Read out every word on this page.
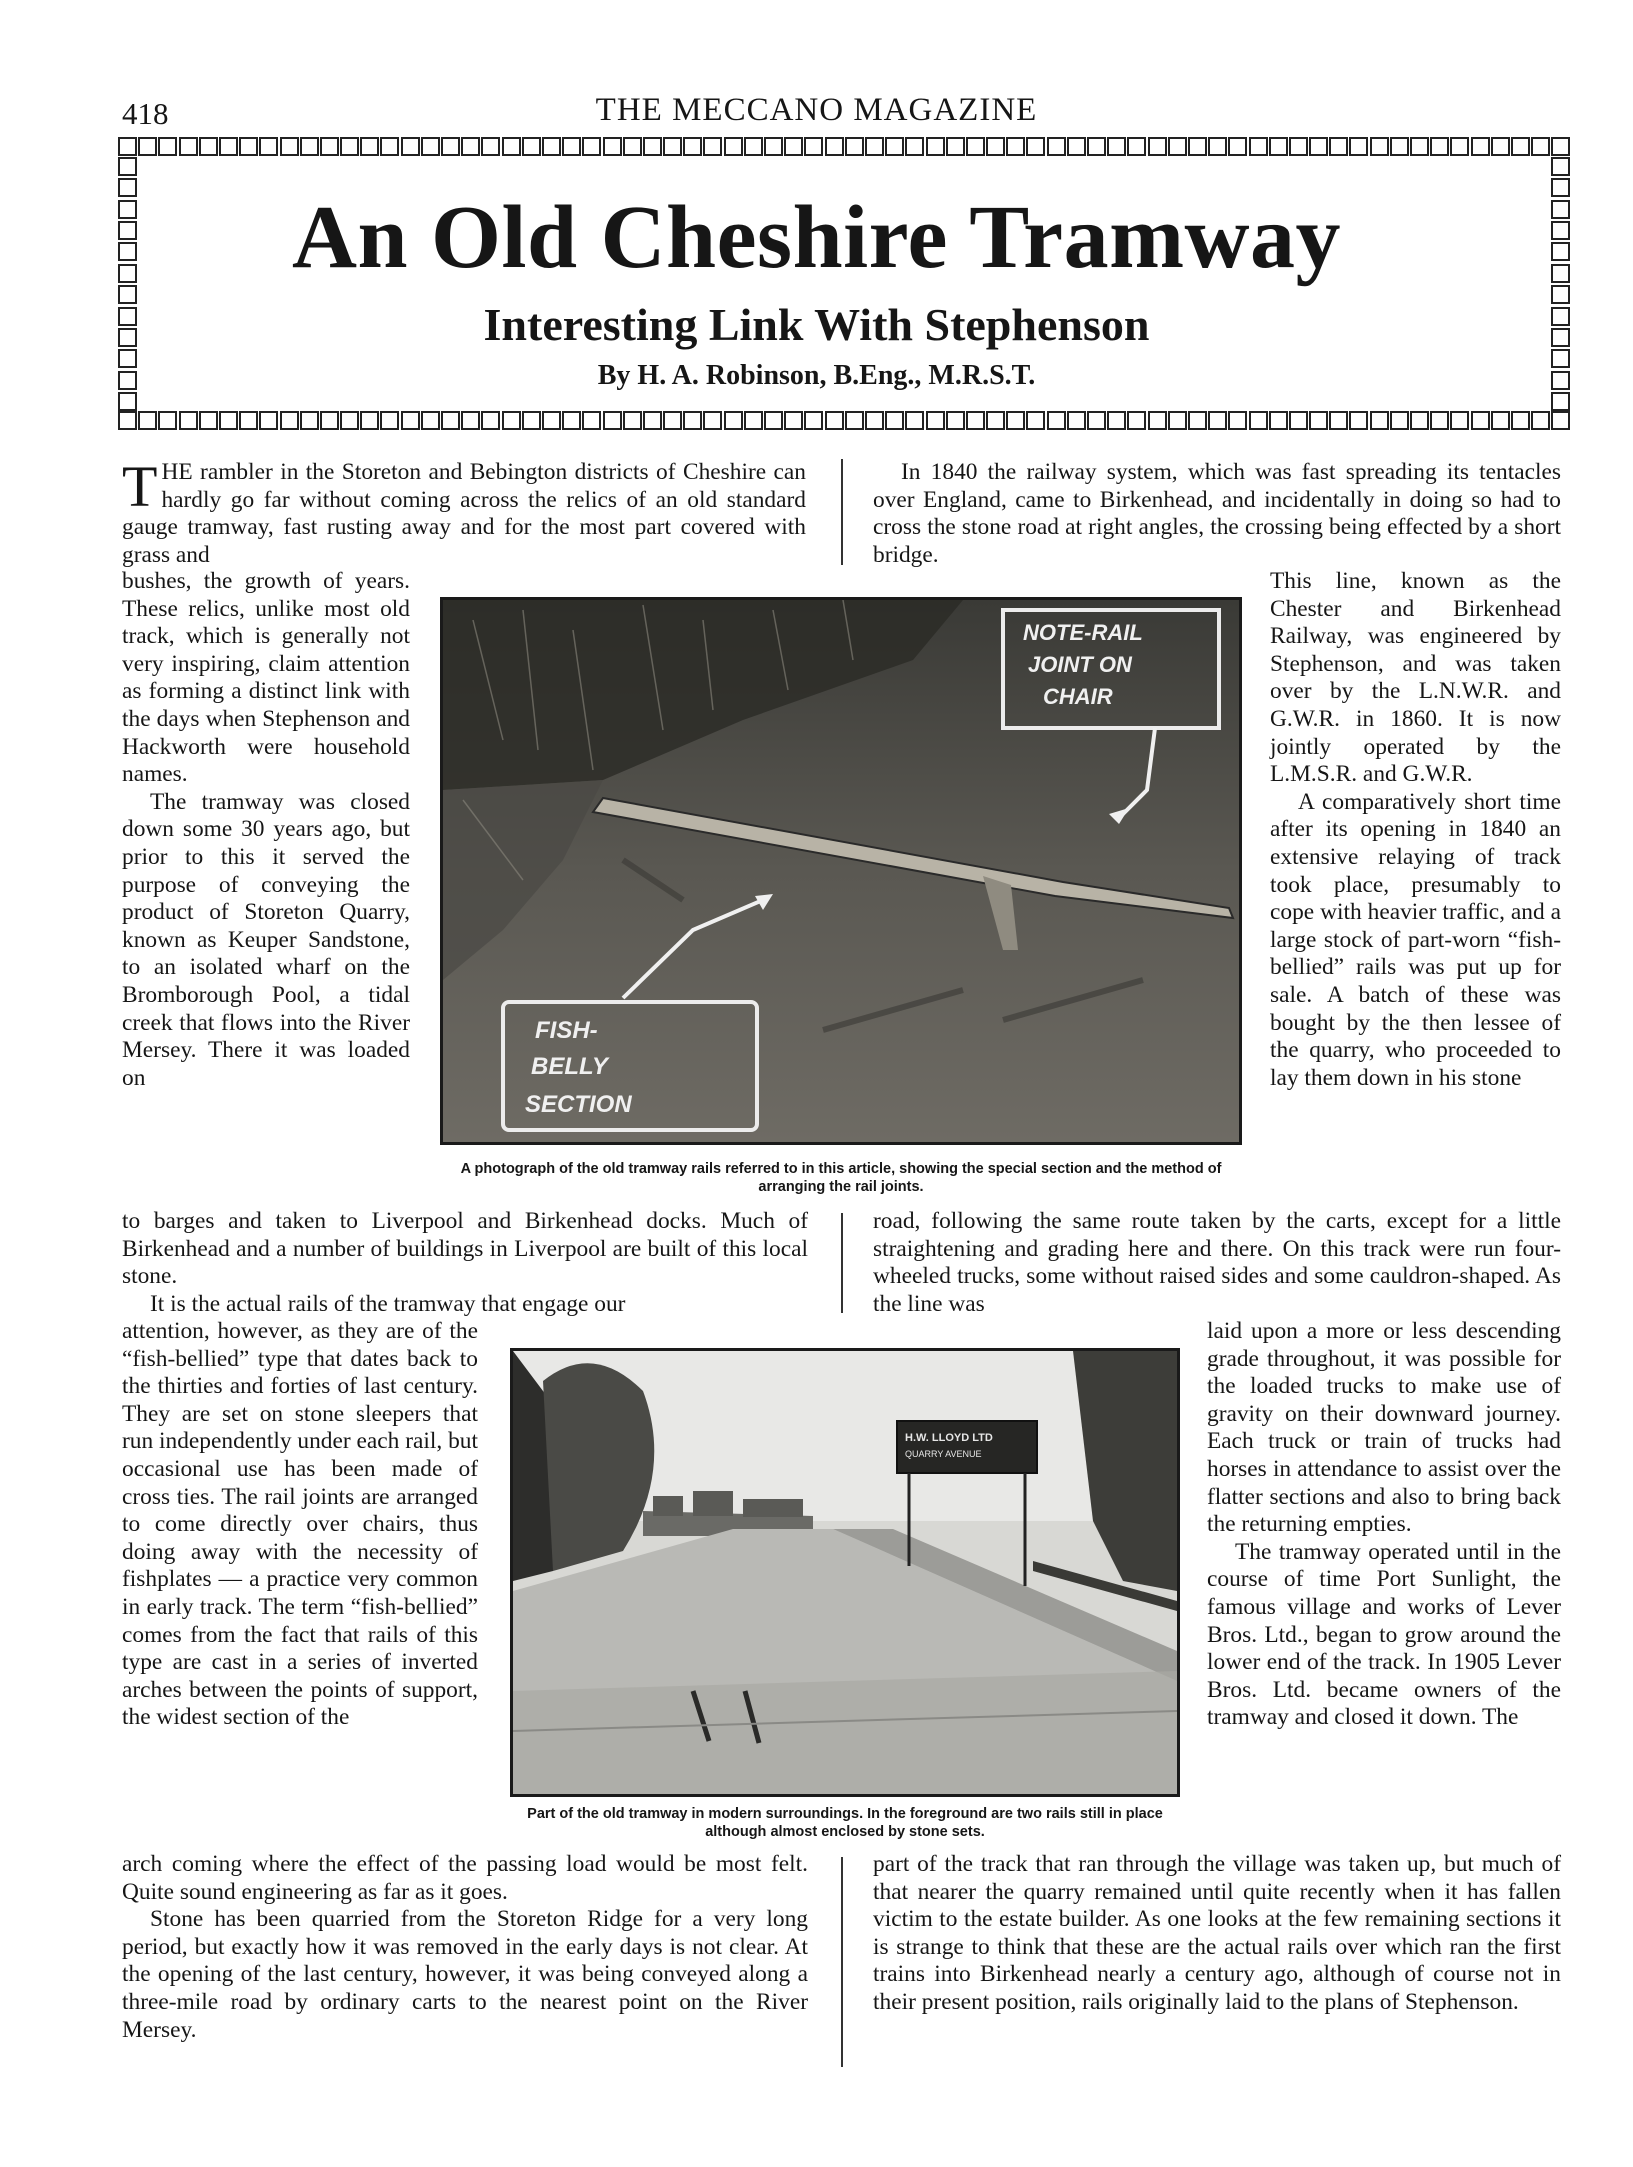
418	THE MECCANO MAGAZINE
An Old Cheshire Tramway
Interesting Link With Stephenson
By H. A. Robinson, B.Eng., M.R.S.T.
THE rambler in the Storeton and Bebington districts of Cheshire can hardly go far without coming across the relics of an old standard gauge tramway, fast rusting away and for the most part covered with grass and

bushes, the growth of years. These relics, unlike most old track, which is generally not very inspiring, claim attention as forming a distinct link with the days when Stephenson and Hackworth were household names.

The tramway was closed down some 30 years ago, but prior to this it served the purpose of conveying the product of Storeton Quarry, known as Keuper Sandstone, to an isolated wharf on the Bromborough Pool, a tidal creek that flows into the River Mersey. There it was loaded on

to barges and taken to Liverpool and Birkenhead docks. Much of Birkenhead and a number of buildings in Liverpool are built of this local stone.

It is the actual rails of the tramway that engage our

attention, however, as they are of the “fish-bellied” type that dates back to the thirties and forties of last century. They are set on stone sleepers that run independently under each rail, but occasional use has been made of cross ties. The rail joints are arranged to come directly over chairs, thus doing away with the necessity of fishplates — a practice very common in early track. The term “fish-bellied” comes from the fact that rails of this type are cast in a series of inverted arches between the points of support, the widest section of the

arch coming where the effect of the passing load would be most felt. Quite sound engineering as far as it goes.

Stone has been quarried from the Storeton Ridge for a very long period, but exactly how it was removed in the early days is not clear. At the opening of the last century, however, it was being conveyed along a three-mile road by ordinary carts to the nearest point on the River Mersey.

In 1840 the railway system, which was fast spreading its tentacles over England, came to Birkenhead, and incidentally in doing so had to cross the stone road at right angles, the crossing being effected by a short bridge.

This line, known as the Chester and Birkenhead Railway, was engineered by Stephenson, and was taken over by the L.N.W.R. and G.W.R. in 1860. It is now jointly operated by the L.M.S.R. and G.W.R.

A comparatively short time after its opening in 1840 an extensive relaying of track took place, presumably to cope with heavier traffic, and a large stock of part-worn “fish-bellied” rails was put up for sale. A batch of these was bought by the then lessee of the quarry, who proceeded to lay them down in his stone

road, following the same route taken by the carts, except for a little straightening and grading here and there. On this track were run four-wheeled trucks, some without raised sides and some cauldron-shaped. As the line was

laid upon a more or less descending grade throughout, it was possible for the loaded trucks to make use of gravity on their downward journey. Each truck or train of trucks had horses in attendance to assist over the flatter sections and also to bring back the returning empties.

The tramway operated until in the course of time Port Sunlight, the famous village and works of Lever Bros. Ltd., began to grow around the lower end of the track. In 1905 Lever Bros. Ltd. became owners of the tramway and closed it down. The

part of the track that ran through the village was taken up, but much of that nearer the quarry remained until quite recently when it has fallen victim to the estate builder. As one looks at the few remaining sections it is strange to think that these are the actual rails over which ran the first trains into Birkenhead nearly a century ago, although of course not in their present position, rails originally laid to the plans of Stephenson.

NOTE-RAIL
JOINT ON
CHAIR
FISH-
BELLY
SECTION
A photograph of the old tramway rails referred to in this article, showing the special section and the method of arranging the rail joints.
H.W. LLOYD LTD
QUARRY AVENUE
Part of the old tramway in modern surroundings. In the foreground are two rails still in place although almost enclosed by stone sets.
